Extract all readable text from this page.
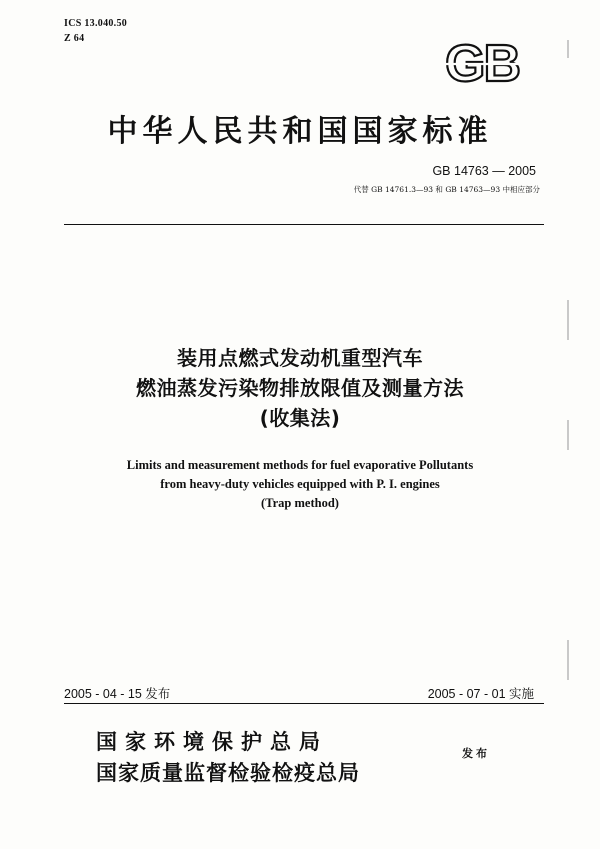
ICS 13.040.50
Z 64	GB
中华人民共和国国家标准
GB 14763 — 2005
代替 GB 14761.3—93 和 GB 14763—93 中相应部分
装用点燃式发动机重型汽车
燃油蒸发污染物排放限值及测量方法
(收集法)
Limits and measurement methods for fuel evaporative Pollutants
from heavy-duty vehicles equipped with P. I. engines
(Trap method)
2005 - 04 - 15 发布	2005 - 07 - 01 实施
国家环境保护总局
国家质量监督检验检疫总局
发布
